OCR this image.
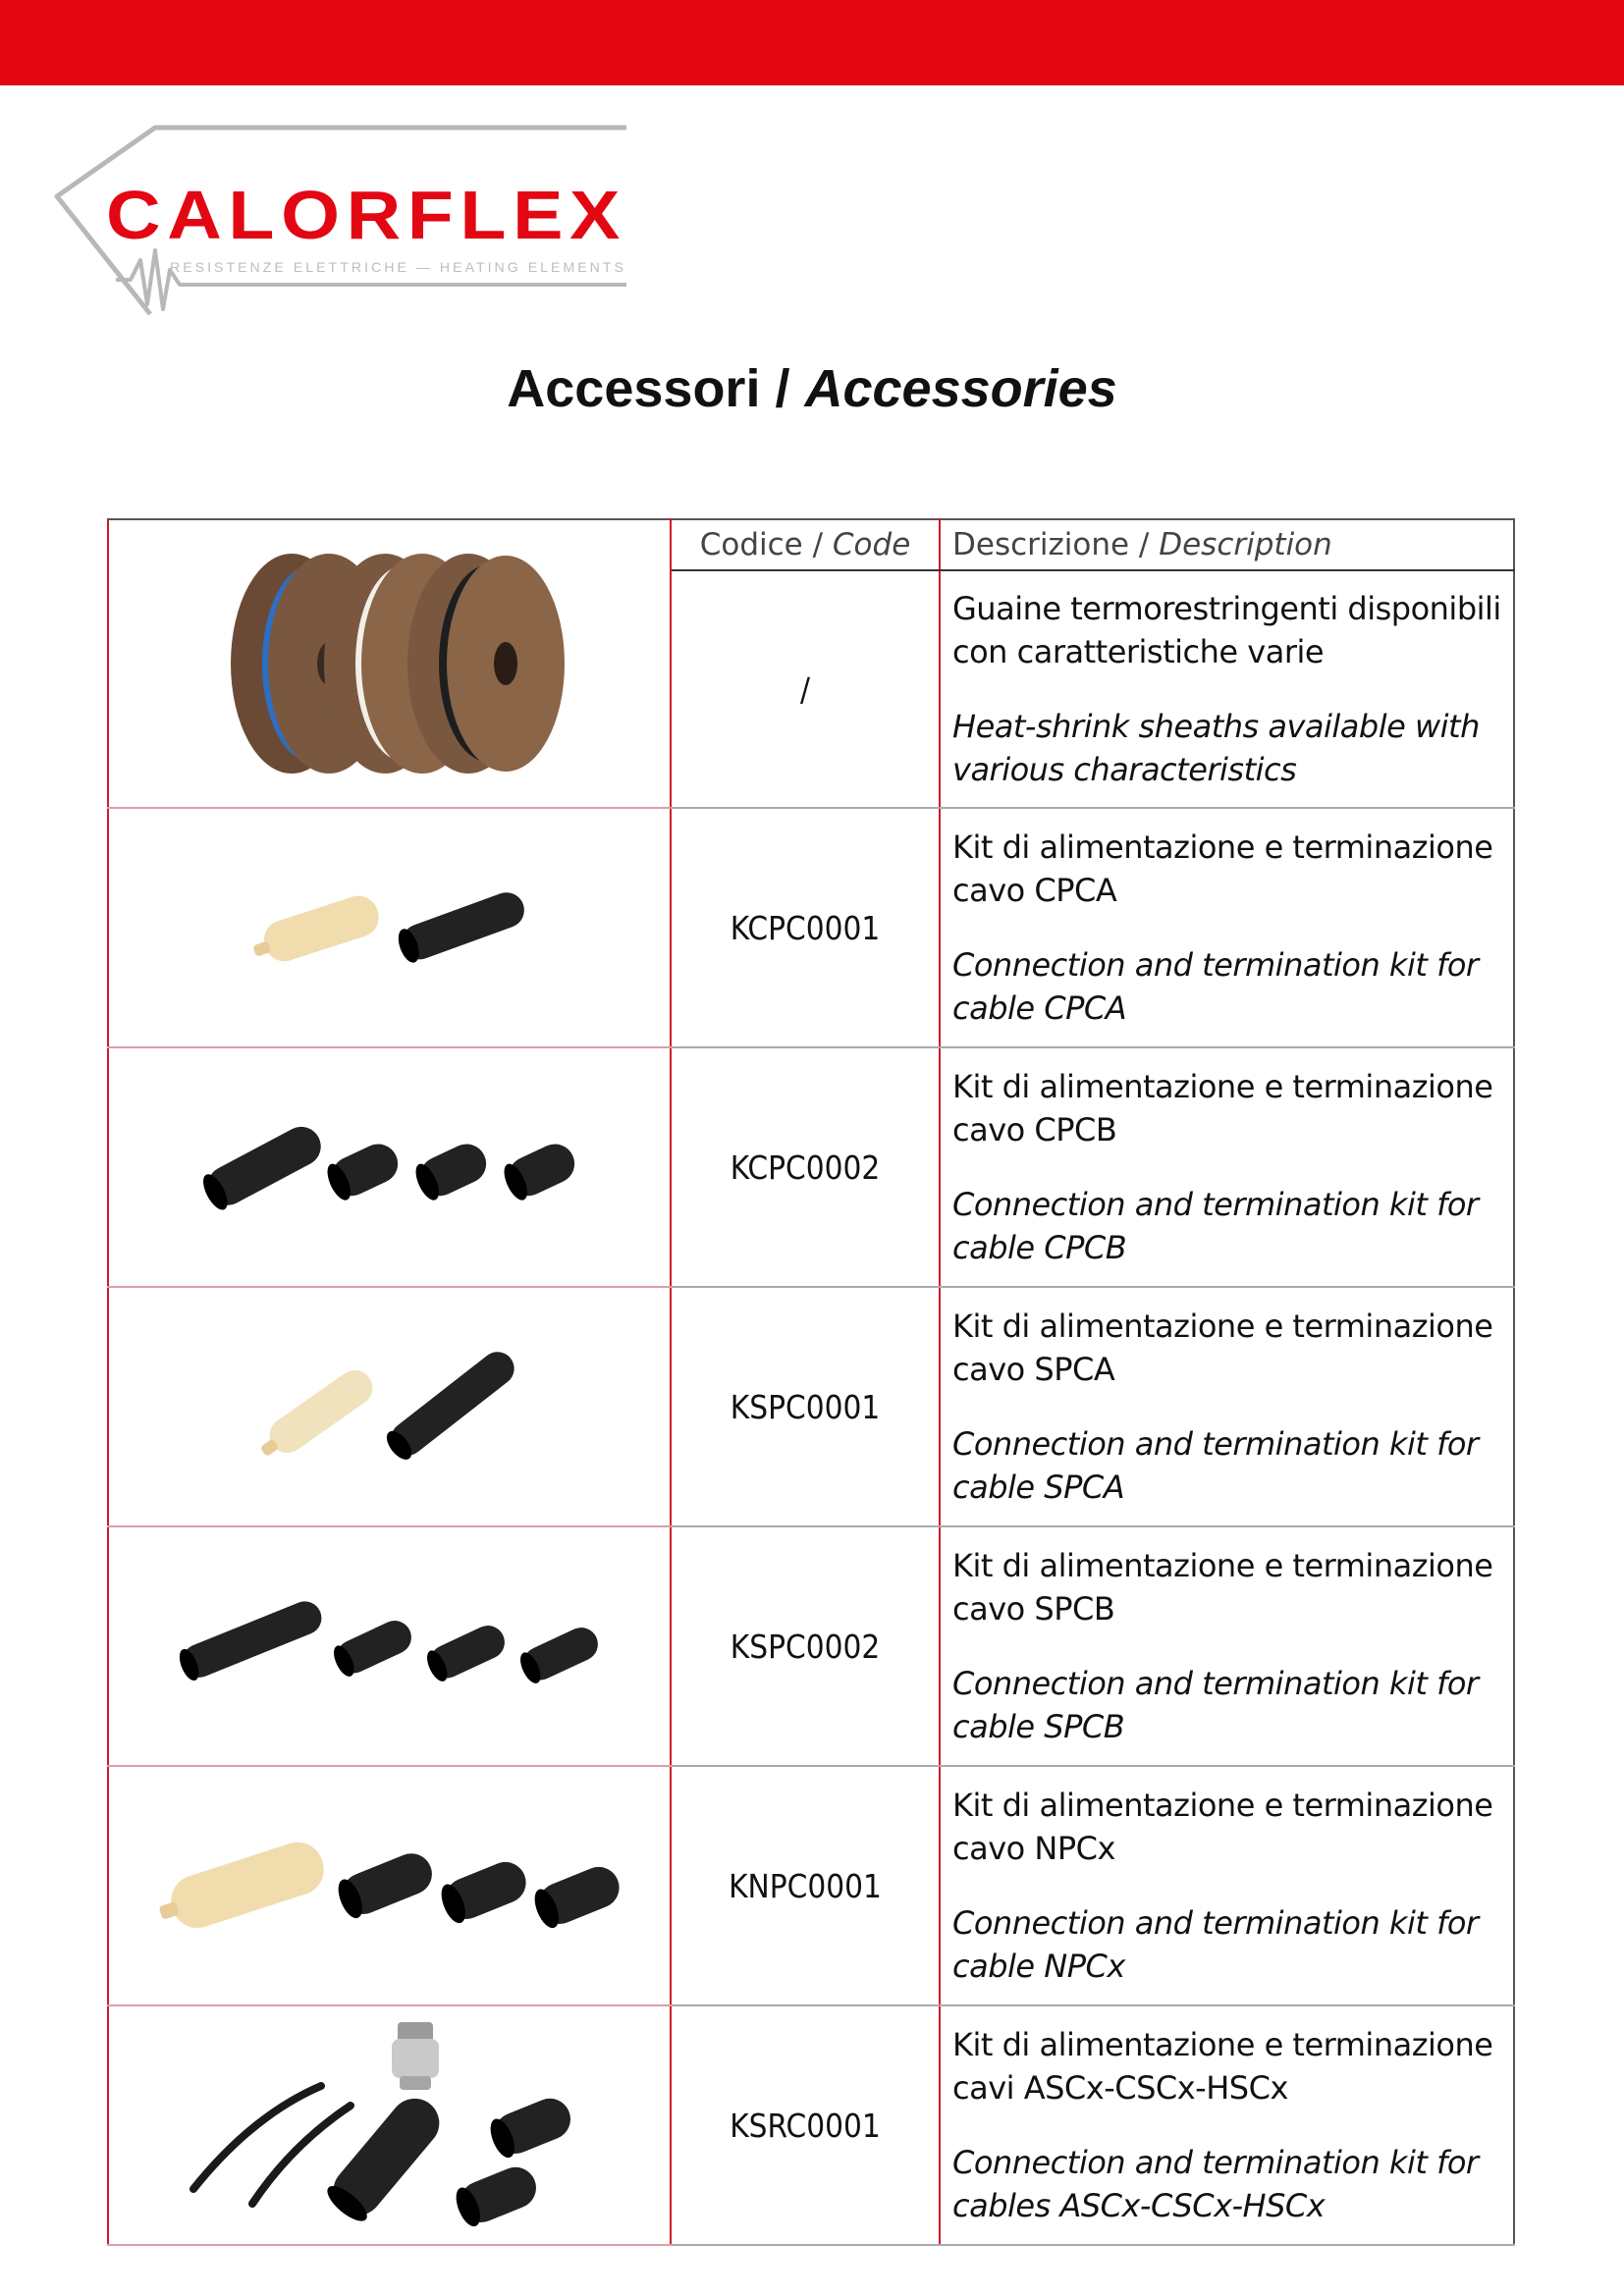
CALORFLEX
RESISTENZE ELETTRICHE — HEATING ELEMENTS
Accessori / Accessories
	Codice / Code	Descrizione / Description
	/	Guaine termorestringenti disponibili con caratteristiche varie

Heat-shrink sheaths available with various characteristics

	KCPC0001	Kit di alimentazione e terminazione cavo CPCA

Connection and termination kit for cable CPCA

	KCPC0002	Kit di alimentazione e terminazione cavo CPCB

Connection and termination kit for cable CPCB

	KSPC0001	Kit di alimentazione e terminazione cavo SPCA

Connection and termination kit for cable SPCA

	KSPC0002	Kit di alimentazione e terminazione cavo SPCB

Connection and termination kit for cable SPCB

	KNPC0001	Kit di alimentazione e terminazione cavo NPCx

Connection and termination kit for cable NPCx

	KSRC0001	Kit di alimentazione e terminazione cavi ASCx-CSCx-HSCx

Connection and termination kit for cables ASCx-CSCx-HSCx
